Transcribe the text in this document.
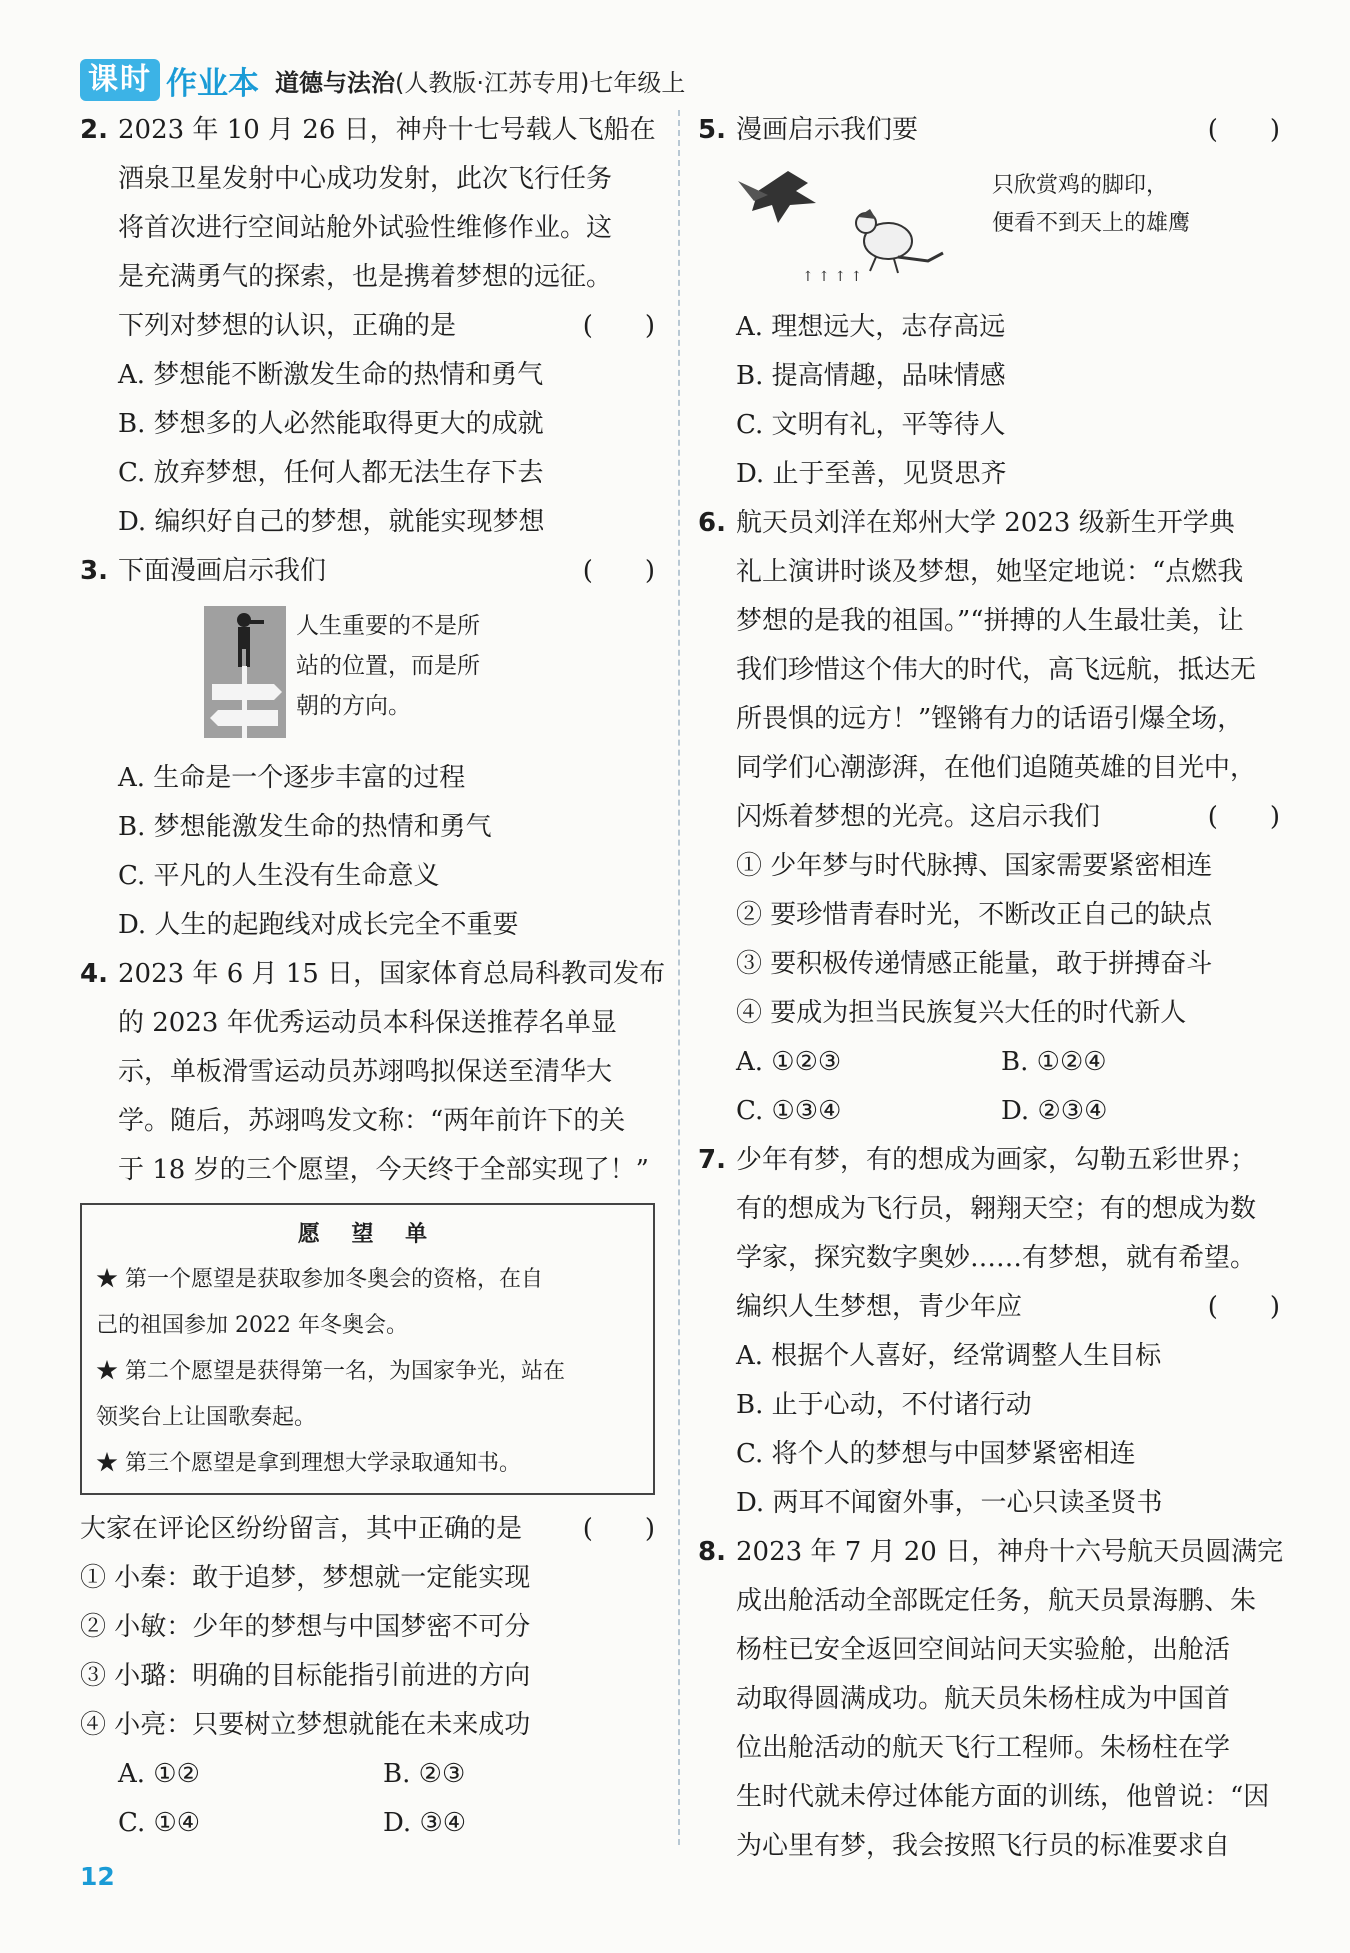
课时 作业本 道德与法治(人教版·江苏专用)七年级上
2. 2023 年 10 月 26 日，神舟十七号载人飞船在
酒泉卫星发射中心成功发射，此次飞行任务
将首次进行空间站舱外试验性维修作业。这
是充满勇气的探索，也是携着梦想的远征。
下列对梦想的认识，正确的是	(　　)
A. 梦想能不断激发生命的热情和勇气
B. 梦想多的人必然能取得更大的成就
C. 放弃梦想，任何人都无法生存下去
D. 编织好自己的梦想，就能实现梦想
3. 下面漫画启示我们	(　　)
人生重要的不是所
站的位置，而是所
朝的方向。
A. 生命是一个逐步丰富的过程
B. 梦想能激发生命的热情和勇气
C. 平凡的人生没有生命意义
D. 人生的起跑线对成长完全不重要
4. 2023 年 6 月 15 日，国家体育总局科教司发布
的 2023 年优秀运动员本科保送推荐名单显
示，单板滑雪运动员苏翊鸣拟保送至清华大
学。随后，苏翊鸣发文称：“两年前许下的关
于 18 岁的三个愿望，今天终于全部实现了！”
愿 望 单
★ 第一个愿望是获取参加冬奥会的资格，在自
己的祖国参加 2022 年冬奥会。
★ 第二个愿望是获得第一名，为国家争光，站在
领奖台上让国歌奏起。
★ 第三个愿望是拿到理想大学录取通知书。
大家在评论区纷纷留言，其中正确的是 (　　)
① 小秦：敢于追梦，梦想就一定能实现
② 小敏：少年的梦想与中国梦密不可分
③ 小璐：明确的目标能指引前进的方向
④ 小亮：只要树立梦想就能在未来成功
A. ①②	B. ②③
C. ①④	D. ③④
5. 漫画启示我们要	(　　)
↑ ↑ ↑ ↑
只欣赏鸡的脚印，
便看不到天上的雄鹰
A. 理想远大，志存高远
B. 提高情趣，品味情感
C. 文明有礼，平等待人
D. 止于至善，见贤思齐
6. 航天员刘洋在郑州大学 2023 级新生开学典
礼上演讲时谈及梦想，她坚定地说：“点燃我
梦想的是我的祖国。”“拼搏的人生最壮美，让
我们珍惜这个伟大的时代，高飞远航，抵达无
所畏惧的远方！”铿锵有力的话语引爆全场，
同学们心潮澎湃，在他们追随英雄的目光中，
闪烁着梦想的光亮。这启示我们	(　　)
① 少年梦与时代脉搏、国家需要紧密相连
② 要珍惜青春时光，不断改正自己的缺点
③ 要积极传递情感正能量，敢于拼搏奋斗
④ 要成为担当民族复兴大任的时代新人
A. ①②③	B. ①②④
C. ①③④	D. ②③④
7. 少年有梦，有的想成为画家，勾勒五彩世界；
有的想成为飞行员，翱翔天空；有的想成为数
学家，探究数字奥妙……有梦想，就有希望。
编织人生梦想，青少年应	(　　)
A. 根据个人喜好，经常调整人生目标
B. 止于心动，不付诸行动
C. 将个人的梦想与中国梦紧密相连
D. 两耳不闻窗外事，一心只读圣贤书
8. 2023 年 7 月 20 日，神舟十六号航天员圆满完
成出舱活动全部既定任务，航天员景海鹏、朱
杨柱已安全返回空间站问天实验舱，出舱活
动取得圆满成功。航天员朱杨柱成为中国首
位出舱活动的航天飞行工程师。朱杨柱在学
生时代就未停过体能方面的训练，他曾说：“因
为心里有梦，我会按照飞行员的标准要求自
12
